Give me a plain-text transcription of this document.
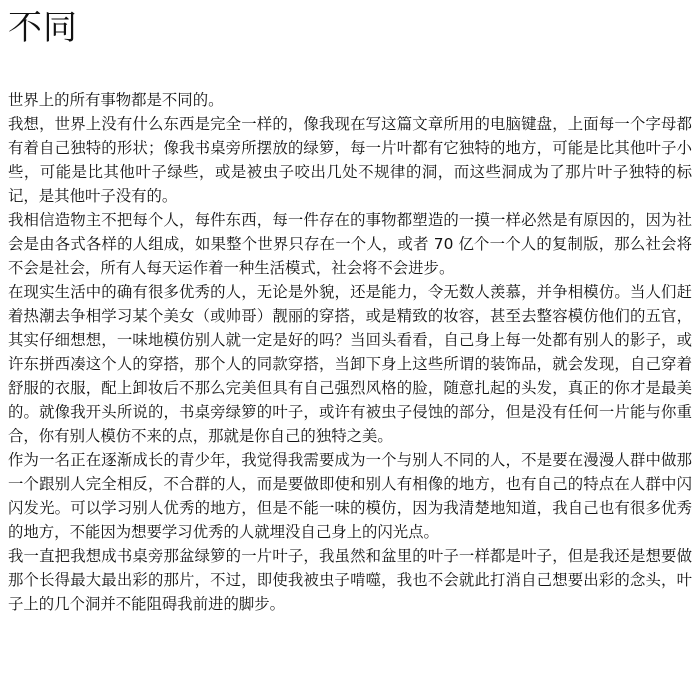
不同

世界上的所有事物都是不同的。

我想，世界上没有什么东西是完全一样的，像我现在写这篇文章所用的电脑键盘，上面每一个字母都有着自己独特的形状；像我书桌旁所摆放的绿箩，每一片叶都有它独特的地方，可能是比其他叶子小些，可能是比其他叶子绿些，或是被虫子咬出几处不规律的洞，而这些洞成为了那片叶子独特的标记，是其他叶子没有的。

我相信造物主不把每个人，每件东西，每一件存在的事物都塑造的一摸一样必然是有原因的，因为社会是由各式各样的人组成，如果整个世界只存在一个人，或者 70 亿个一个人的复制版，那么社会将不会是社会，所有人每天运作着一种生活模式，社会将不会进步。

在现实生活中的确有很多优秀的人，无论是外貌，还是能力，令无数人羡慕，并争相模仿。当人们赶着热潮去争相学习某个美女（或帅哥）靓丽的穿搭，或是精致的妆容，甚至去整容模仿他们的五官，其实仔细想想，一味地模仿别人就一定是好的吗？当回头看看，自己身上每一处都有别人的影子，或许东拼西凑这个人的穿搭，那个人的同款穿搭，当卸下身上这些所谓的装饰品，就会发现，自己穿着舒服的衣服，配上卸妆后不那么完美但具有自己强烈风格的脸，随意扎起的头发，真正的你才是最美的。就像我开头所说的，书桌旁绿箩的叶子，或许有被虫子侵蚀的部分，但是没有任何一片能与你重合，你有别人模仿不来的点，那就是你自己的独特之美。

作为一名正在逐渐成长的青少年，我觉得我需要成为一个与别人不同的人，不是要在漫漫人群中做那一个跟别人完全相反，不合群的人，而是要做即使和别人有相像的地方，也有自己的特点在人群中闪闪发光。可以学习别人优秀的地方，但是不能一味的模仿，因为我清楚地知道，我自己也有很多优秀的地方，不能因为想要学习优秀的人就埋没自己身上的闪光点。

我一直把我想成书桌旁那盆绿箩的一片叶子，我虽然和盆里的叶子一样都是叶子，但是我还是想要做那个长得最大最出彩的那片，不过，即使我被虫子啃噬，我也不会就此打消自己想要出彩的念头，叶子上的几个洞并不能阻碍我前进的脚步。
